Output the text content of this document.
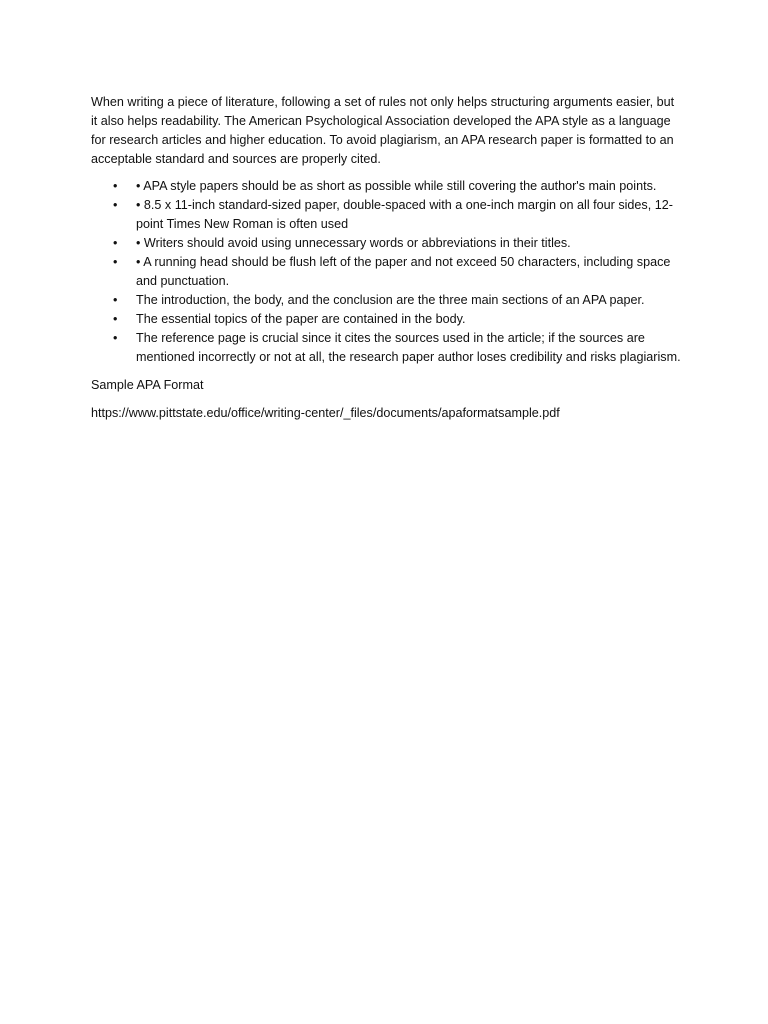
When writing a piece of literature, following a set of rules not only helps structuring arguments easier, but it also helps readability. The American Psychological Association developed the APA style as a language for research articles and higher education. To avoid plagiarism, an APA research paper is formatted to an acceptable standard and sources are properly cited.

• • APA style papers should be as short as possible while still covering the author's main points.
• • 8.5 x 11-inch standard-sized paper, double-spaced with a one-inch margin on all four sides, 12-point Times New Roman is often used
• • Writers should avoid using unnecessary words or abbreviations in their titles.
• • A running head should be flush left of the paper and not exceed 50 characters, including space and punctuation.
• The introduction, the body, and the conclusion are the three main sections of an APA paper.
• The essential topics of the paper are contained in the body.
• The reference page is crucial since it cites the sources used in the article; if the sources are mentioned incorrectly or not at all, the research paper author loses credibility and risks plagiarism.

Sample APA Format

https://www.pittstate.edu/office/writing-center/_files/documents/apaformatsample.pdf
